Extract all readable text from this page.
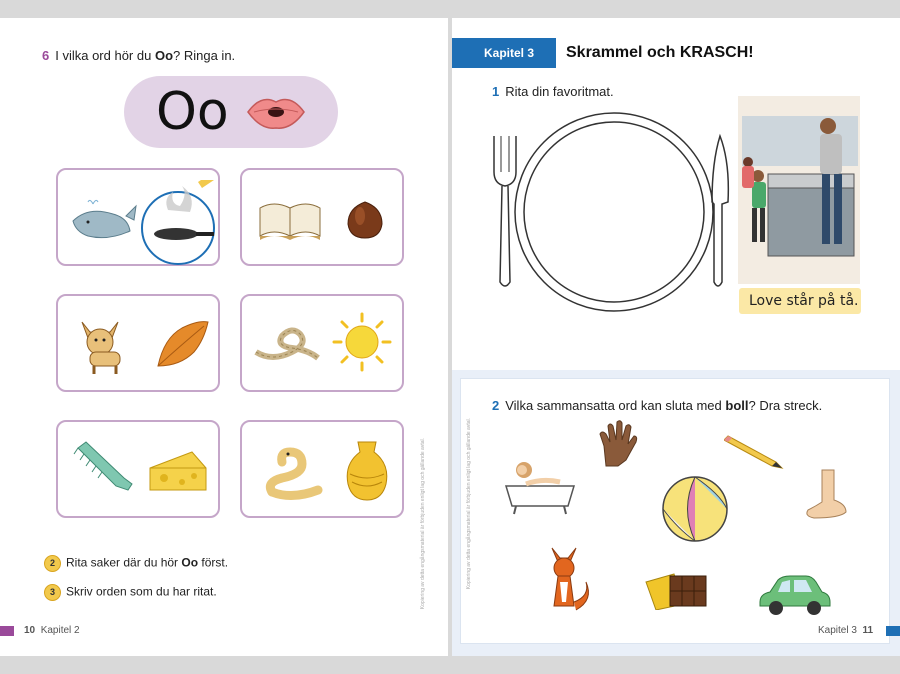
6 I vilka ord hör du Oo? Ringa in.
Oo
2 Rita saker där du hör Oo först.
3 Skriv orden som du har ritat.	Kopiering av detta engångsmaterial är förbjuden enligt lag och gällande avtal.
10 Kapitel 2
Kapitel 3 Skrammel och KRASCH!
1 Rita din favoritmat.
Love står på tå.
2 Vilka sammansatta ord kan sluta med boll? Dra streck.
Kopiering av detta engångsmaterial är förbjuden enligt lag och gällande avtal.
Kapitel 3 11
